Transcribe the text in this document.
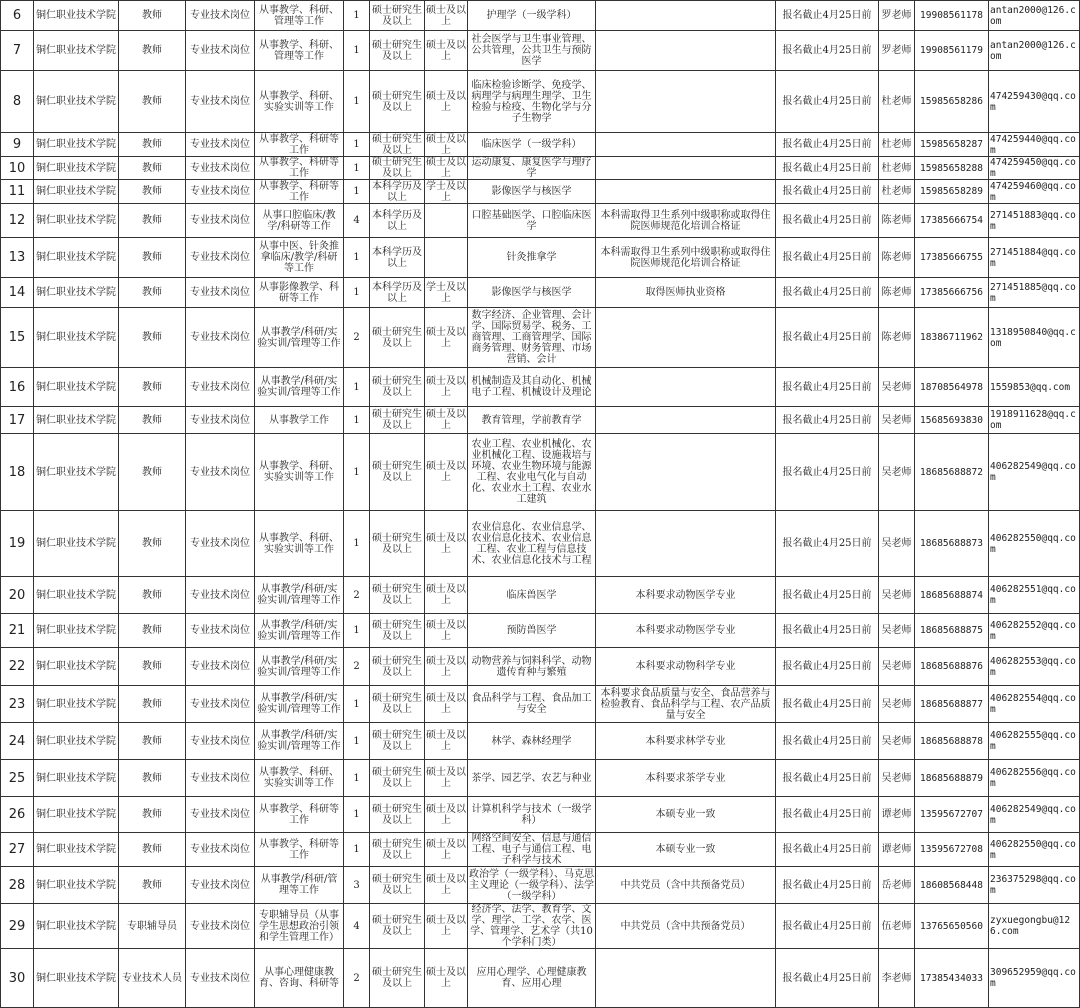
6	铜仁职业技术学院	教师	专业技术岗位	从事教学、科研、管理等工作	1	硕士研究生及以上	硕士及以上	护理学（一级学科）		报名截止4月25日前	罗老师	19908561178	antan2000@126.com
7	铜仁职业技术学院	教师	专业技术岗位	从事教学、科研、管理等工作	1	硕士研究生及以上	硕士及以上	社会医学与卫生事业管理、公共管理，公共卫生与预防医学		报名截止4月25日前	罗老师	19908561179	antan2000@126.com
8	铜仁职业技术学院	教师	专业技术岗位	从事教学、科研、实验实训等工作	1	硕士研究生及以上	硕士及以上	临床检验诊断学、免疫学、病理学与病理生理学、卫生检验与检疫、生物化学与分子生物学		报名截止4月25日前	杜老师	15985658286	474259430@qq.com
9	铜仁职业技术学院	教师	专业技术岗位	从事教学、科研等工作	1	硕士研究生及以上	硕士及以上	临床医学（一级学科）		报名截止4月25日前	杜老师	15985658287	474259440@qq.com
10	铜仁职业技术学院	教师	专业技术岗位	从事教学、科研等工作	1	硕士研究生及以上	硕士及以上	运动康复、康复医学与理疗学		报名截止4月25日前	杜老师	15985658288	474259450@qq.com
11	铜仁职业技术学院	教师	专业技术岗位	从事教学、科研等工作	1	本科学历及以上	学士及以上	影像医学与核医学		报名截止4月25日前	杜老师	15985658289	474259460@qq.com
12	铜仁职业技术学院	教师	专业技术岗位	从事口腔临床/教学/科研等工作	4	本科学历及以上		口腔基础医学、口腔临床医学	本科需取得卫生系列中级职称或取得住院医师规范化培训合格证	报名截止4月25日前	陈老师	17385666754	271451883@qq.com
13	铜仁职业技术学院	教师	专业技术岗位	从事中医、针灸推拿临床/教学/科研等工作	1	本科学历及以上		针灸推拿学	本科需取得卫生系列中级职称或取得住院医师规范化培训合格证	报名截止4月25日前	陈老师	17385666755	271451884@qq.com
14	铜仁职业技术学院	教师	专业技术岗位	从事影像教学、科研等工作	1	本科学历及以上	学士及以上	影像医学与核医学	取得医师执业资格	报名截止4月25日前	陈老师	17385666756	271451885@qq.com
15	铜仁职业技术学院	教师	专业技术岗位	从事教学/科研/实验实训/管理等工作	2	硕士研究生及以上	硕士及以上	数字经济、企业管理、会计学、国际贸易学、税务、工商管理、工商管理学、国际商务管理、财务管理、市场营销、会计		报名截止4月25日前	陈老师	18386711962	1318950840@qq.com
16	铜仁职业技术学院	教师	专业技术岗位	从事教学/科研/实验实训/管理等工作	1	硕士研究生及以上	硕士及以上	机械制造及其自动化、机械电子工程、机械设计及理论		报名截止4月25日前	吴老师	18708564978	1559853@qq.com
17	铜仁职业技术学院	教师	专业技术岗位	从事教学工作	1	硕士研究生及以上	硕士及以上	教育管理，学前教育学		报名截止4月25日前	吴老师	15685693830	1918911628@qq.com
18	铜仁职业技术学院	教师	专业技术岗位	从事教学、科研、实验实训等工作	1	硕士研究生及以上	硕士及以上	农业工程、农业机械化、农业机械化工程、设施栽培与环境、农业生物环境与能源工程、农业电气化与自动化、农业水土工程、农业水工建筑		报名截止4月25日前	吴老师	18685688872	406282549@qq.com
19	铜仁职业技术学院	教师	专业技术岗位	从事教学、科研、实验实训等工作	1	硕士研究生及以上	硕士及以上	农业信息化、农业信息学、农业信息化技术、农业信息工程、农业工程与信息技术、农业信息化技术与工程		报名截止4月25日前	吴老师	18685688873	406282550@qq.com
20	铜仁职业技术学院	教师	专业技术岗位	从事教学/科研/实验实训/管理等工作	2	硕士研究生及以上	硕士及以上	临床兽医学	本科要求动物医学专业	报名截止4月25日前	吴老师	18685688874	406282551@qq.com
21	铜仁职业技术学院	教师	专业技术岗位	从事教学/科研/实验实训/管理等工作	1	硕士研究生及以上	硕士及以上	预防兽医学	本科要求动物医学专业	报名截止4月25日前	吴老师	18685688875	406282552@qq.com
22	铜仁职业技术学院	教师	专业技术岗位	从事教学/科研/实验实训/管理等工作	2	硕士研究生及以上	硕士及以上	动物营养与饲料科学、动物遗传育种与繁殖	本科要求动物科学专业	报名截止4月25日前	吴老师	18685688876	406282553@qq.com
23	铜仁职业技术学院	教师	专业技术岗位	从事教学/科研/实验实训/管理等工作	1	硕士研究生及以上	硕士及以上	食品科学与工程、食品加工与安全	本科要求食品质量与安全、食品营养与检验教育、食品科学与工程、农产品质量与安全	报名截止4月25日前	吴老师	18685688877	406282554@qq.com
24	铜仁职业技术学院	教师	专业技术岗位	从事教学/科研/实验实训/管理等工作	1	硕士研究生及以上	硕士及以上	林学、森林经理学	本科要求林学专业	报名截止4月25日前	吴老师	18685688878	406282555@qq.com
25	铜仁职业技术学院	教师	专业技术岗位	从事教学、科研、实验实训等工作	1	硕士研究生及以上	硕士及以上	茶学、园艺学、农艺与种业	本科要求茶学专业	报名截止4月25日前	吴老师	18685688879	406282556@qq.com
26	铜仁职业技术学院	教师	专业技术岗位	从事教学、科研等工作	1	硕士研究生及以上	硕士及以上	计算机科学与技术（一级学科）	本硕专业一致	报名截止4月25日前	谭老师	13595672707	406282549@qq.com
27	铜仁职业技术学院	教师	专业技术岗位	从事教学、科研等工作	1	硕士研究生及以上	硕士及以上	网络空间安全、信息与通信工程、电子与通信工程、电子科学与技术	本硕专业一致	报名截止4月25日前	谭老师	13595672708	406282550@qq.com
28	铜仁职业技术学院	教师	专业技术岗位	从事教学/科研/管理等工作	3	硕士研究生及以上	硕士及以上	政治学（一级学科）、马克思主义理论（一级学科）、法学（一级学科）	中共党员（含中共预备党员）	报名截止4月25日前	岳老师	18608568448	236375298@qq.com
29	铜仁职业技术学院	专职辅导员	专业技术岗位	专职辅导员（从事学生思想政治引领和学生管理工作）	4	硕士研究生及以上	硕士及以上	经济学、法学、教育学、文学、理学、工学、农学、医学、管理学、艺术学（共10个学科门类）	中共党员（含中共预备党员）	报名截止4月25日前	伍老师	13765650560	zyxuegongbu@126.com
30	铜仁职业技术学院	专业技术人员	专业技术岗位	从事心理健康教育、咨询、科研等	2	硕士研究生及以上	硕士及以上	应用心理学、心理健康教育、应用心理		报名截止4月25日前	李老师	17385434033	309652959@qq.com
